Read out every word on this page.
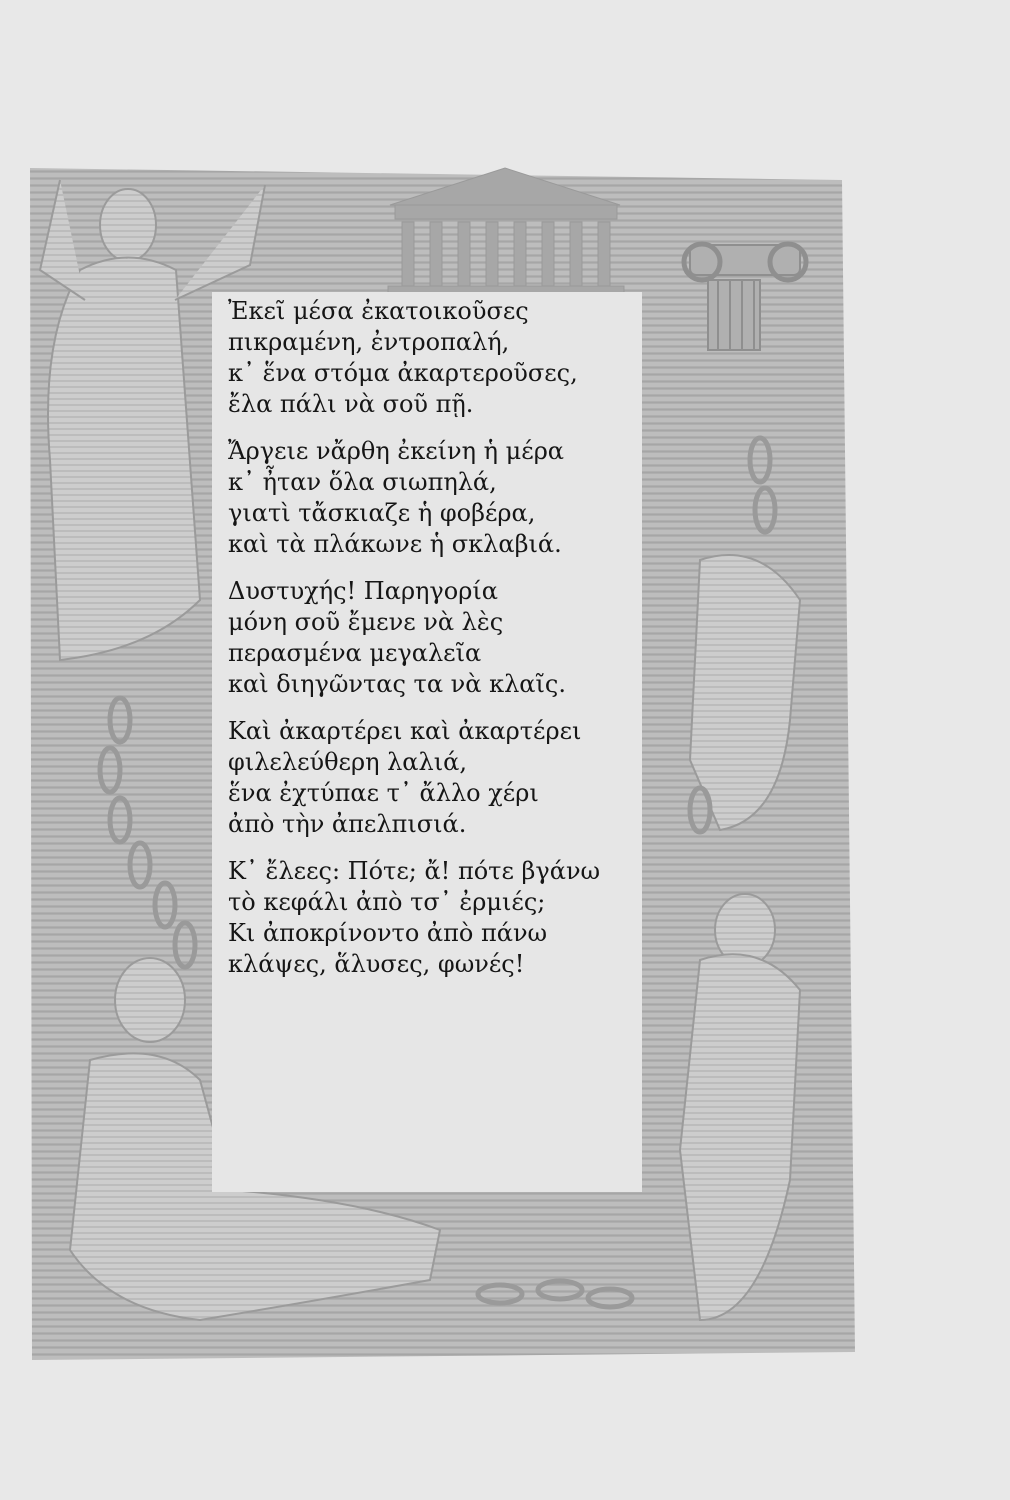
Ἐκεῖ μέσα ἐκατοικοῦσες
πικραμένη, ἐντροπαλή,
κ᾽ ἕνα στόμα ἀκαρτεροῦσες,
ἔλα πάλι νὰ σοῦ πῇ.
Ἄργειε νἄρθη ἐκείνη ἡ μέρα
κ᾽ ἦταν ὅλα σιωπηλά,
γιατὶ τἄσκιαζε ἡ φοβέρα,
καὶ τὰ πλάκωνε ἡ σκλαβιά.
Δυστυχής! Παρηγορία
μόνη σοῦ ἔμενε νὰ λὲς
περασμένα μεγαλεῖα
καὶ διηγῶντας τα νὰ κλαῖς.
Καὶ ἀκαρτέρει καὶ ἀκαρτέρει
φιλελεύθερη λαλιά,
ἕνα ἐχτύπαε τ᾽ ἄλλο χέρι
ἀπὸ τὴν ἀπελπισιά.
Κ᾽ ἔλεες: Πότε; ἄ! πότε βγάνω
τὸ κεφάλι ἀπὸ τσ᾽ ἐρμιές;
Κι ἀποκρίνοντο ἀπὸ πάνω
κλάψες, ἅλυσες, φωνές!
